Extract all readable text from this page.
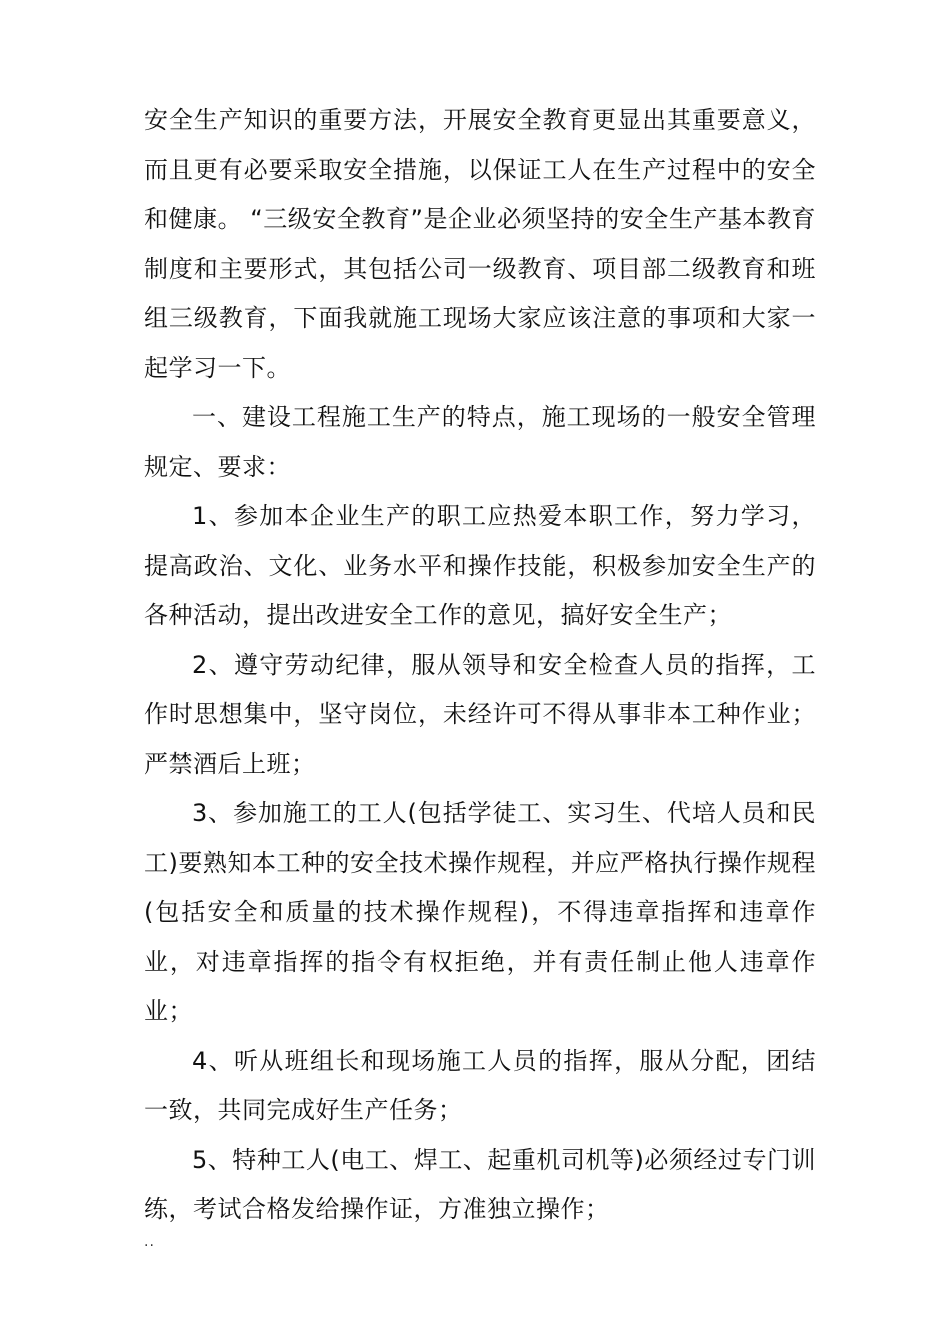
安全生产知识的重要方法，开展安全教育更显出其重要意义，而且更有必要采取安全措施，以保证工人在生产过程中的安全和健康。 “三级安全教育”是企业必须坚持的安全生产基本教育制度和主要形式，其包括公司一级教育、项目部二级教育和班组三级教育，下面我就施工现场大家应该注意的事项和大家一起学习一下。

一、建设工程施工生产的特点，施工现场的一般安全管理规定、要求：

1、参加本企业生产的职工应热爱本职工作，努力学习，提高政治、文化、业务水平和操作技能，积极参加安全生产的各种活动，提出改进安全工作的意见，搞好安全生产；

2、遵守劳动纪律，服从领导和安全检查人员的指挥，工作时思想集中，坚守岗位，未经许可不得从事非本工种作业；严禁酒后上班；

3、参加施工的工人(包括学徒工、实习生、代培人员和民工)要熟知本工种的安全技术操作规程，并应严格执行操作规程 (包括安全和质量的技术操作规程)，不得违章指挥和违章作业，对违章指挥的指令有权拒绝，并有责任制止他人违章作业；

4、听从班组长和现场施工人员的指挥，服从分配，团结一致，共同完成好生产任务；

5、特种工人(电工、焊工、起重机司机等)必须经过专门训练，考试合格发给操作证，方准独立操作；

..
